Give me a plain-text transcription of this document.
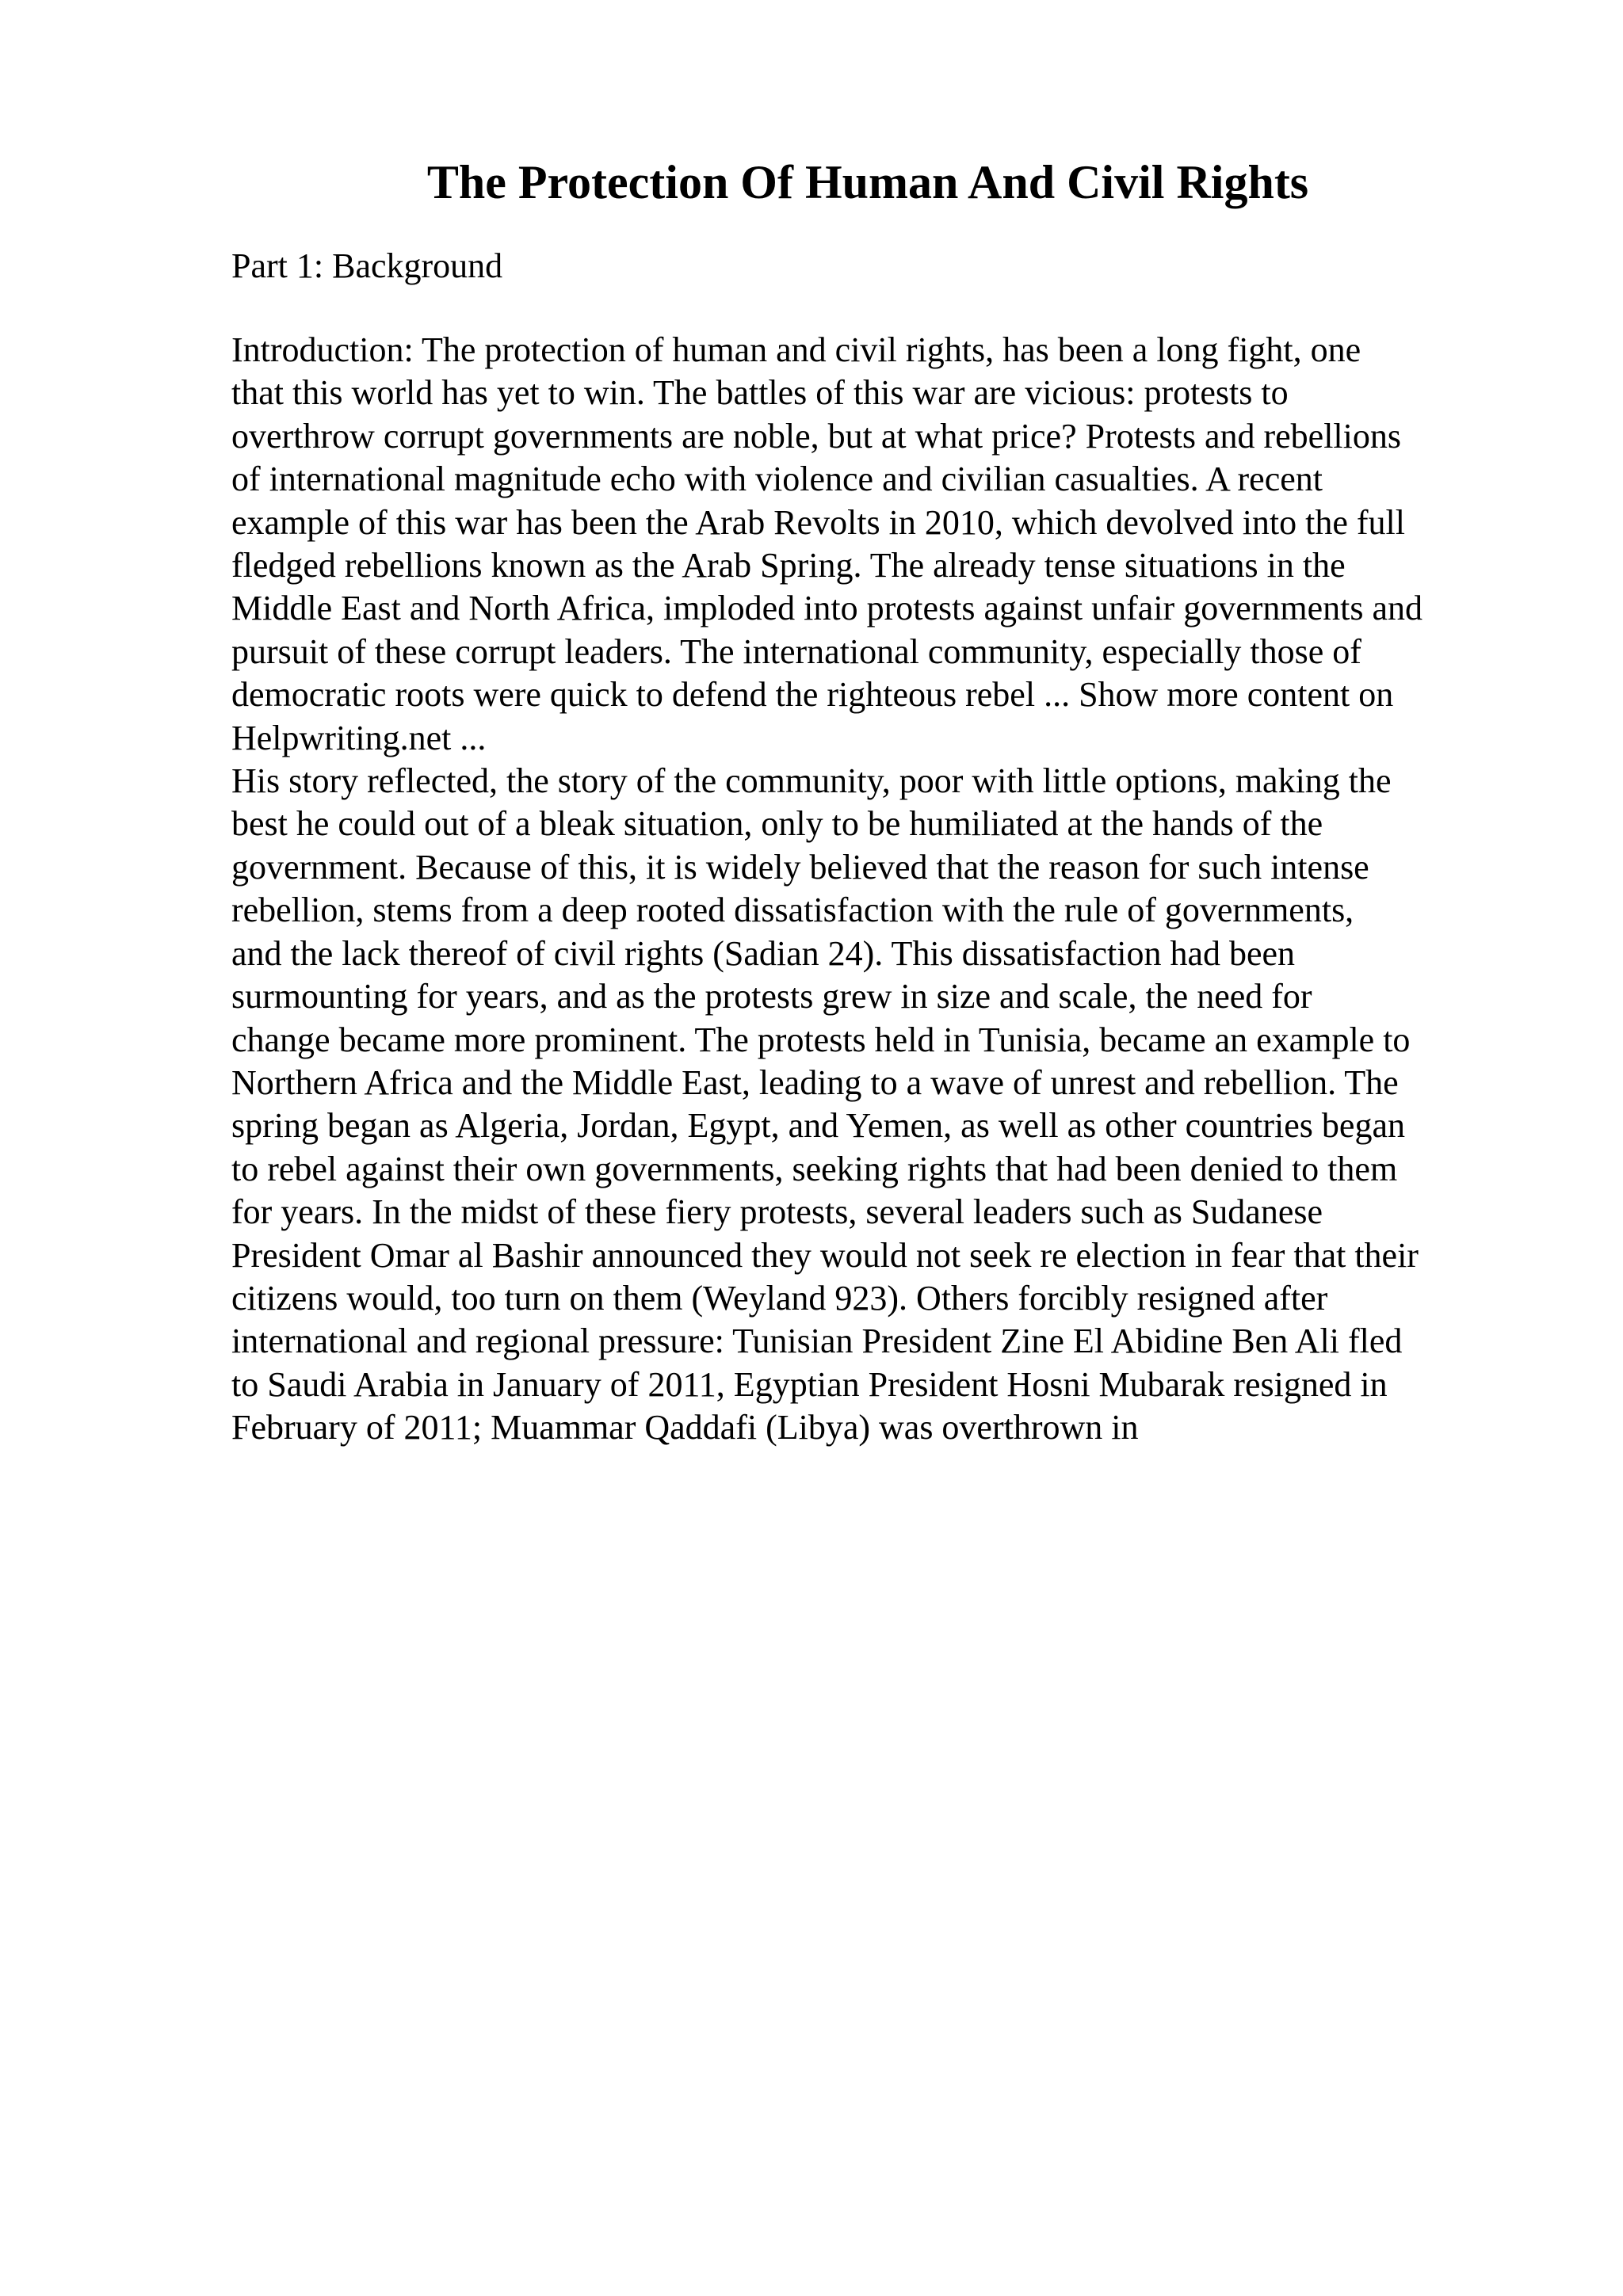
The Protection Of Human And Civil Rights

Part 1: Background

Introduction: The protection of human and civil rights, has been a long fight, one
that this world has yet to win. The battles of this war are vicious: protests to
overthrow corrupt governments are noble, but at what price? Protests and rebellions
of international magnitude echo with violence and civilian casualties. A recent
example of this war has been the Arab Revolts in 2010, which devolved into the full
fledged rebellions known as the Arab Spring. The already tense situations in the
Middle East and North Africa, imploded into protests against unfair governments and
pursuit of these corrupt leaders. The international community, especially those of
democratic roots were quick to defend the righteous rebel ... Show more content on
Helpwriting.net ...
His story reflected, the story of the community, poor with little options, making the
best he could out of a bleak situation, only to be humiliated at the hands of the
government. Because of this, it is widely believed that the reason for such intense
rebellion, stems from a deep rooted dissatisfaction with the rule of governments,
and the lack thereof of civil rights (Sadian 24). This dissatisfaction had been
surmounting for years, and as the protests grew in size and scale, the need for
change became more prominent. The protests held in Tunisia, became an example to
Northern Africa and the Middle East, leading to a wave of unrest and rebellion. The
spring began as Algeria, Jordan, Egypt, and Yemen, as well as other countries began
to rebel against their own governments, seeking rights that had been denied to them
for years. In the midst of these fiery protests, several leaders such as Sudanese
President Omar al Bashir announced they would not seek re election in fear that their
citizens would, too turn on them (Weyland 923). Others forcibly resigned after
international and regional pressure: Tunisian President Zine El Abidine Ben Ali fled
to Saudi Arabia in January of 2011, Egyptian President Hosni Mubarak resigned in
February of 2011; Muammar Qaddafi (Libya) was overthrown in
